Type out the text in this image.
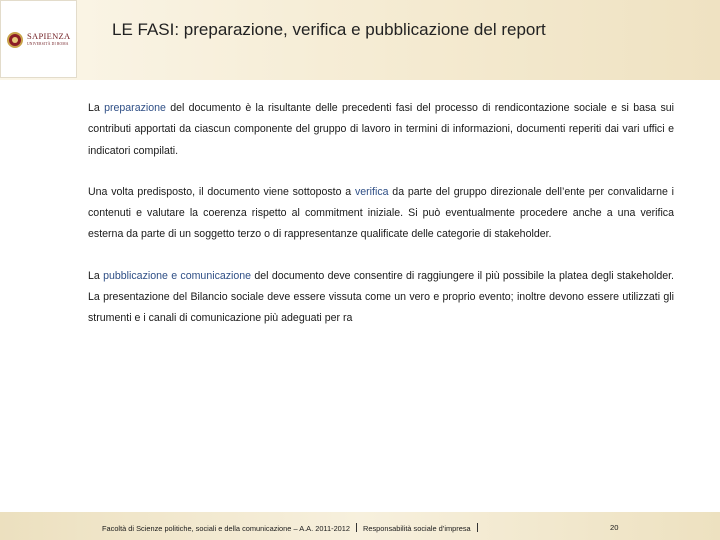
SAPIENZA
UNIVERSITÀ DI ROMA
LE FASI: preparazione, verifica e pubblicazione del report

La preparazione del documento è la risultante delle precedenti fasi del processo di rendicontazione sociale e si basa sui contributi apportati da ciascun componente del gruppo di lavoro in termini di informazioni, documenti reperiti dai vari uffici e indicatori compilati.

Una volta predisposto, il documento viene sottoposto a verifica da parte del gruppo direzionale dell’ente per convalidarne i contenuti e valutare la coerenza rispetto al commitment iniziale. Si può eventualmente procedere anche a una verifica esterna da parte di un soggetto terzo o di rappresentanze qualificate delle categorie di stakeholder.

La pubblicazione e comunicazione del documento deve consentire di raggiungere il più possibile la platea degli stakeholder. La presentazione del Bilancio sociale deve essere vissuta come un vero e proprio evento; inoltre devono essere utilizzati gli strumenti e i canali di comunicazione più adeguati per ra

Facoltà di Scienze politiche, sociali e della comunicazione – A.A. 2011-2012 Responsabilità sociale d’impresa	20
